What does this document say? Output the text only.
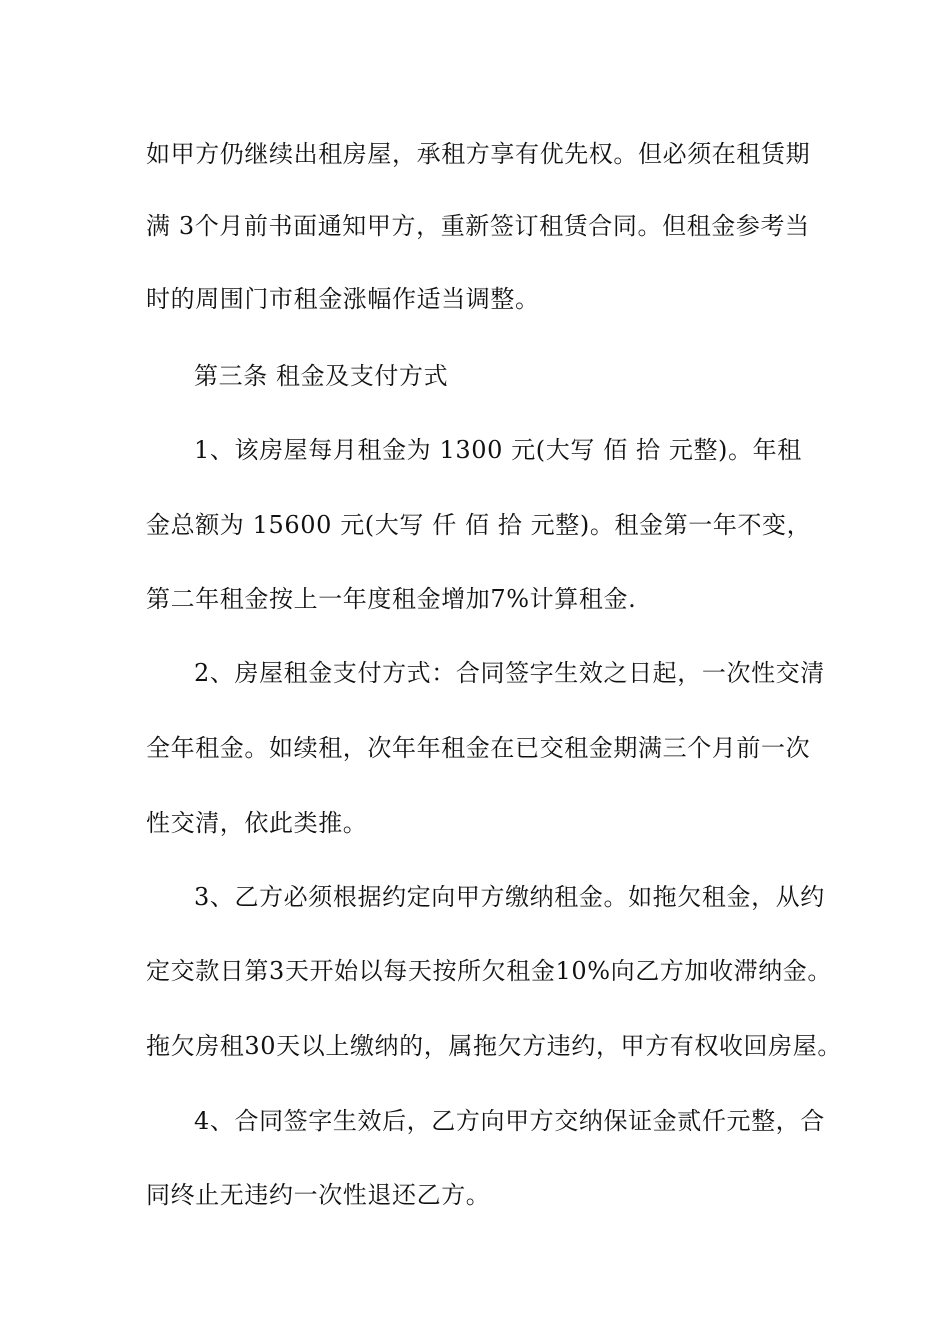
如甲方仍继续出租房屋，承租方享有优先权。但必须在租赁期
满 3个月前书面通知甲方，重新签订租赁合同。但租金参考当
时的周围门市租金涨幅作适当调整。
第三条 租金及支付方式
1、该房屋每月租金为 1300 元(大写 佰 拾 元整)。年租
金总额为 15600 元(大写 仟 佰 拾 元整)。租金第一年不变，
第二年租金按上一年度租金增加7%计算租金.
2、房屋租金支付方式：合同签字生效之日起，一次性交清
全年租金。如续租，次年年租金在已交租金期满三个月前一次
性交清，依此类推。
3、乙方必须根据约定向甲方缴纳租金。如拖欠租金，从约
定交款日第3天开始以每天按所欠租金10%向乙方加收滞纳金。
拖欠房租30天以上缴纳的，属拖欠方违约，甲方有权收回房屋。
4、合同签字生效后，乙方向甲方交纳保证金贰仟元整，合
同终止无违约一次性退还乙方。
